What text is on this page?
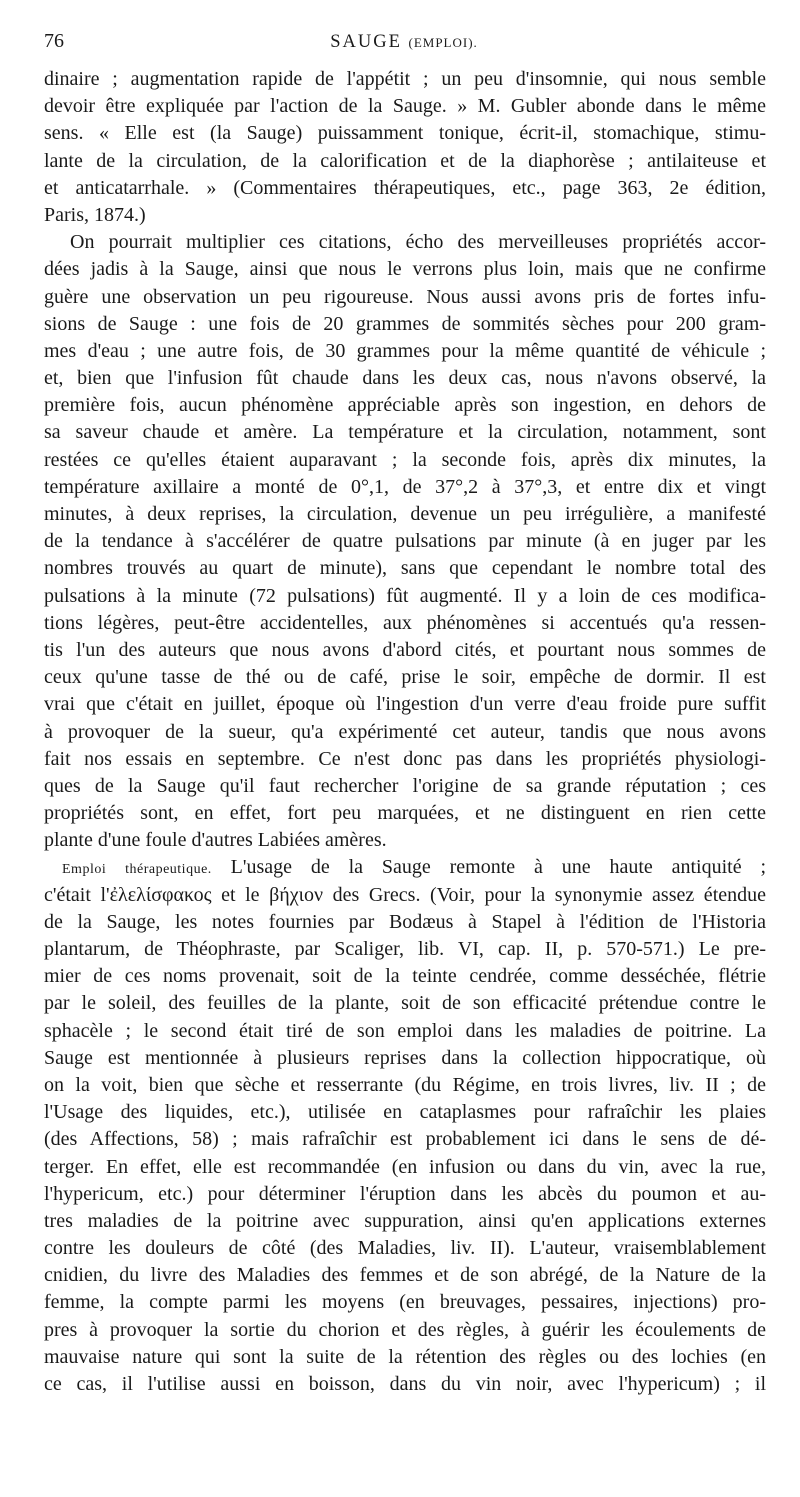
76	SAUGE (EMPLOI).
dinaire ; augmentation rapide de l'appétit ; un peu d'insomnie, qui nous semble
devoir être expliquée par l'action de la Sauge. » M. Gubler abonde dans le même
sens. « Elle est (la Sauge) puissamment tonique, écrit-il, stomachique, stimu-
lante de la circulation, de la calorification et de la diaphorèse ; antilaiteuse et
et anticatarrhale. » (Commentaires thérapeutiques, etc., page 363, 2e édition,
Paris, 1874.)
On pourrait multiplier ces citations, écho des merveilleuses propriétés accor-
dées jadis à la Sauge, ainsi que nous le verrons plus loin, mais que ne confirme
guère une observation un peu rigoureuse. Nous aussi avons pris de fortes infu-
sions de Sauge : une fois de 20 grammes de sommités sèches pour 200 gram-
mes d'eau ; une autre fois, de 30 grammes pour la même quantité de véhicule ;
et, bien que l'infusion fût chaude dans les deux cas, nous n'avons observé, la
première fois, aucun phénomène appréciable après son ingestion, en dehors de
sa saveur chaude et amère. La température et la circulation, notamment, sont
restées ce qu'elles étaient auparavant ; la seconde fois, après dix minutes, la
température axillaire a monté de 0°,1, de 37°,2 à 37°,3, et entre dix et vingt
minutes, à deux reprises, la circulation, devenue un peu irrégulière, a manifesté
de la tendance à s'accélérer de quatre pulsations par minute (à en juger par les
nombres trouvés au quart de minute), sans que cependant le nombre total des
pulsations à la minute (72 pulsations) fût augmenté. Il y a loin de ces modifica-
tions légères, peut-être accidentelles, aux phénomènes si accentués qu'a ressen-
tis l'un des auteurs que nous avons d'abord cités, et pourtant nous sommes de
ceux qu'une tasse de thé ou de café, prise le soir, empêche de dormir. Il est
vrai que c'était en juillet, époque où l'ingestion d'un verre d'eau froide pure suffit
à provoquer de la sueur, qu'a expérimenté cet auteur, tandis que nous avons
fait nos essais en septembre. Ce n'est donc pas dans les propriétés physiologi-
ques de la Sauge qu'il faut rechercher l'origine de sa grande réputation ; ces
propriétés sont, en effet, fort peu marquées, et ne distinguent en rien cette
plante d'une foule d'autres Labiées amères.
Emploi thérapeutique. L'usage de la Sauge remonte à une haute antiquité ;
c'était l'ἐλελίσφακος et le βήχιον des Grecs. (Voir, pour la synonymie assez étendue
de la Sauge, les notes fournies par Bodæus à Stapel à l'édition de l'Historia
plantarum, de Théophraste, par Scaliger, lib. VI, cap. II, p. 570-571.) Le pre-
mier de ces noms provenait, soit de la teinte cendrée, comme desséchée, flétrie
par le soleil, des feuilles de la plante, soit de son efficacité prétendue contre le
sphacèle ; le second était tiré de son emploi dans les maladies de poitrine. La
Sauge est mentionnée à plusieurs reprises dans la collection hippocratique, où
on la voit, bien que sèche et resserrante (du Régime, en trois livres, liv. II ; de
l'Usage des liquides, etc.), utilisée en cataplasmes pour rafraîchir les plaies
(des Affections, 58) ; mais rafraîchir est probablement ici dans le sens de dé-
terger. En effet, elle est recommandée (en infusion ou dans du vin, avec la rue,
l'hypericum, etc.) pour déterminer l'éruption dans les abcès du poumon et au-
tres maladies de la poitrine avec suppuration, ainsi qu'en applications externes
contre les douleurs de côté (des Maladies, liv. II). L'auteur, vraisemblablement
cnidien, du livre des Maladies des femmes et de son abrégé, de la Nature de la
femme, la compte parmi les moyens (en breuvages, pessaires, injections) pro-
pres à provoquer la sortie du chorion et des règles, à guérir les écoulements de
mauvaise nature qui sont la suite de la rétention des règles ou des lochies (en
ce cas, il l'utilise aussi en boisson, dans du vin noir, avec l'hypericum) ; il
